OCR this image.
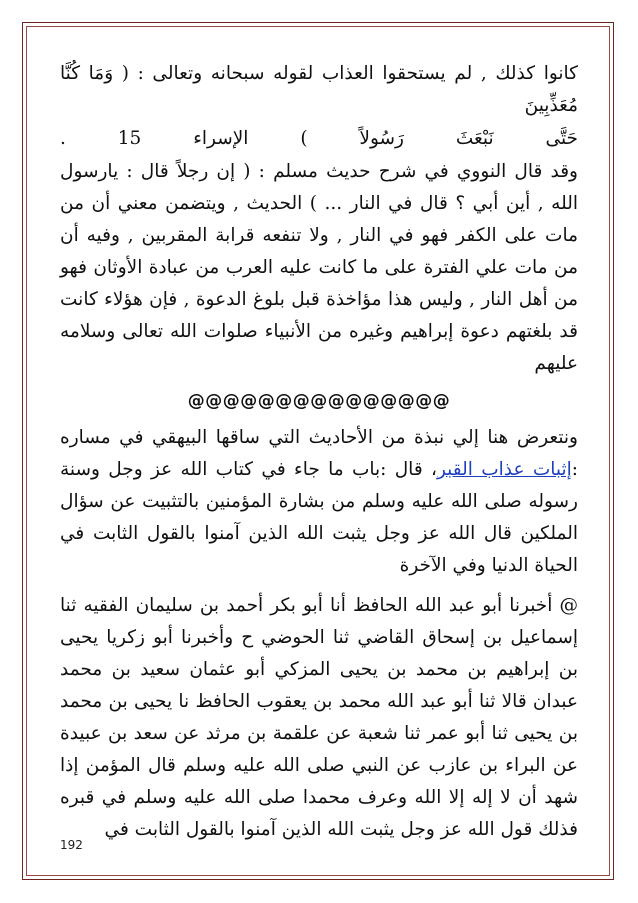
كانوا كذلك , لم يستحقوا العذاب لقوله سبحانه وتعالى : ( وَمَا كُنَّا مُعَذِّبِينَ

حَتَّى
نَبْعَثَ
رَسُولاً
)
الإسراء
15
.

وقد قال النووي في شرح حديث مسلم : ( إن رجلاً قال : يارسول الله , أين أبي ؟ قال في النار ... ) الحديث , ويتضمن معني أن من مات على الكفر فهو في النار , ولا تنفعه قرابة المقربين , وفيه أن من مات علي الفترة على ما كانت عليه العرب من عبادة الأوثان فهو من أهل النار , وليس هذا مؤاخذة قبل بلوغ الدعوة , فإن هؤلاء كانت قد بلغتهم دعوة إبراهيم وغيره من الأنبياء صلوات الله تعالى وسلامه عليهم

@@@@@@@@@@@@@@@

ونتعرض هنا إلي نبذة من الأحاديث التي ساقها البيهقي في مساره :إثبات عذاب القبر، قال :باب ما جاء في كتاب الله عز وجل وسنة رسوله صلى الله عليه وسلم من بشارة المؤمنين بالتثبيت عن سؤال الملكين قال الله عز وجل يثبت الله الذين آمنوا بالقول الثابت في الحياة الدنيا وفي الآخرة

@ أخبرنا أبو عبد الله الحافظ أنا أبو بكر أحمد بن سليمان الفقيه ثنا إسماعيل بن إسحاق القاضي ثنا الحوضي ح وأخبرنا أبو زكريا يحيى بن إبراهيم بن محمد بن يحيى المزكي أبو عثمان سعيد بن محمد عبدان قالا ثنا أبو عبد الله محمد بن يعقوب الحافظ نا يحيى بن محمد بن يحيى ثنا أبو عمر ثنا شعبة عن علقمة بن مرثد عن سعد بن عبيدة عن البراء بن عازب عن النبي صلى الله عليه وسلم قال المؤمن إذا شهد أن لا إله إلا الله وعرف محمدا صلى الله عليه وسلم في قبره فذلك قول الله عز وجل يثبت الله الذين آمنوا بالقول الثابت في

192
